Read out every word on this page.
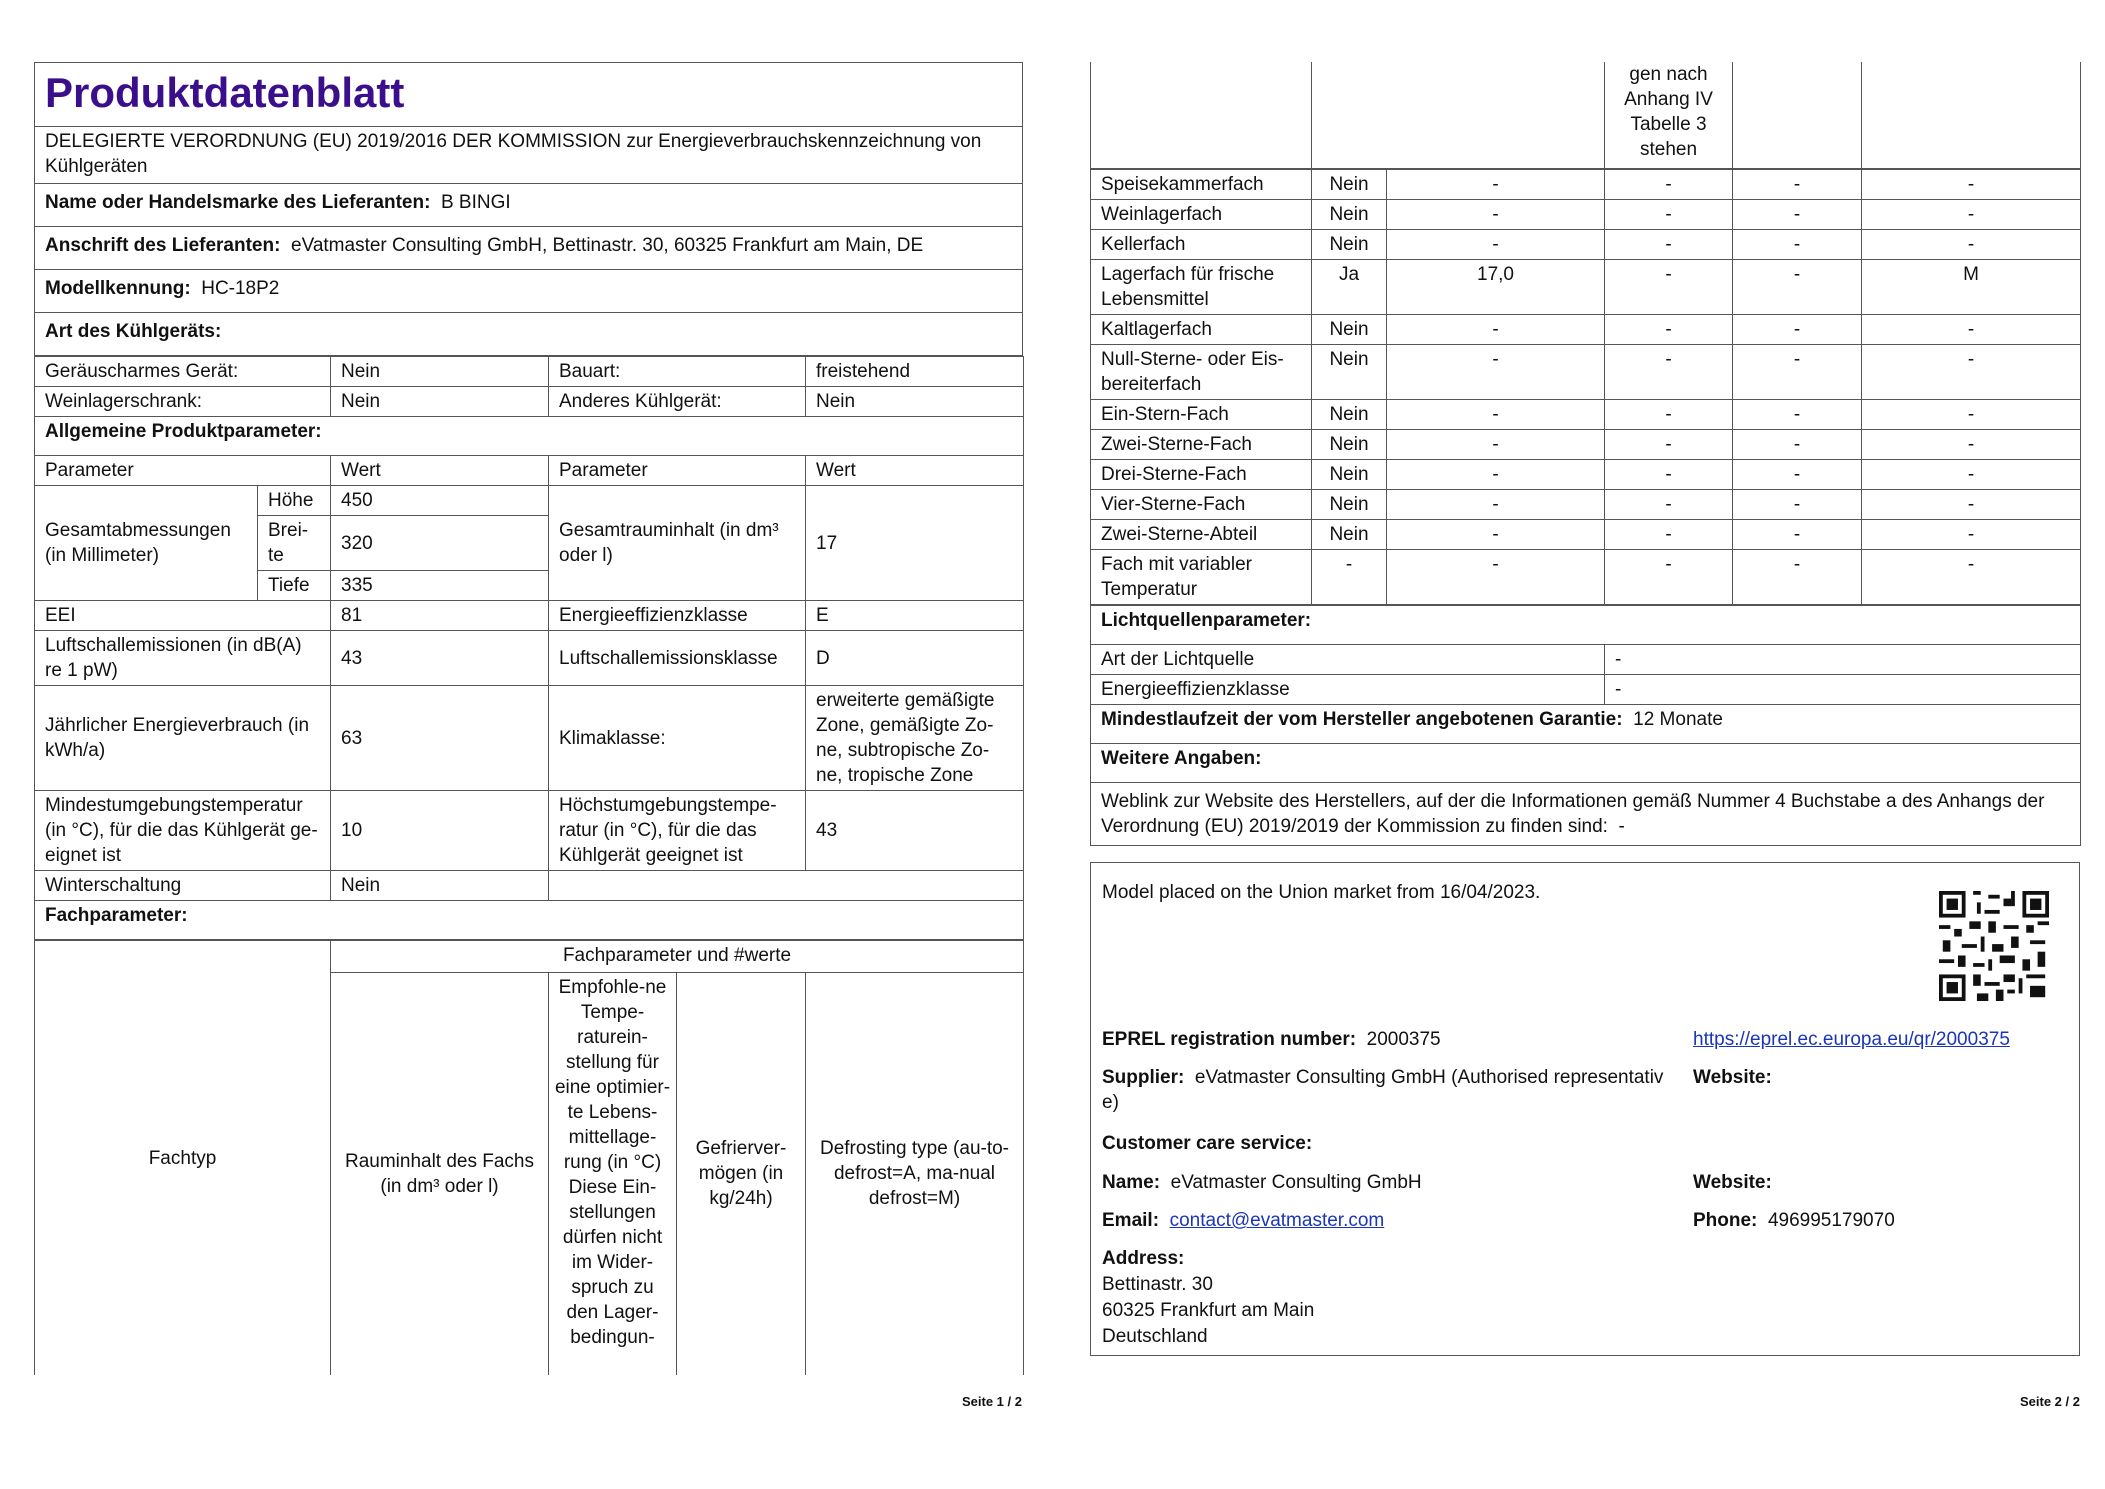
Produktdatenblatt
DELEGIERTE VERORDNUNG (EU) 2019/2016 DER KOMMISSION zur Energieverbrauchskennzeichnung von Kühlgeräten
Name oder Handelsmarke des Lieferanten: B BINGI
Anschrift des Lieferanten: eVatmaster Consulting GmbH, Bettinastr. 30, 60325 Frankfurt am Main, DE
Modellkennung: HC-18P2
Art des Kühlgeräts:
Geräuscharmes Gerät:		Nein	Bauart:	freistehend
Weinlagerschrank:		Nein	Anderes Kühlgerät:	Nein
Allgemeine Produktparameter:				
Parameter		Wert	Parameter	Wert
Gesamtabmessungen (in Millimeter)	Höhe	450	Gesamtrauminhalt (in dm³ oder l)	17
	Brei-te	320		
	Tiefe	335		
EEI		81	Energieeffizienzklasse	E
Luftschallemissionen (in dB(A) re 1 pW)		43	Luftschallemissionsklasse	D
Jährlicher Energieverbrauch (in kWh/a)		63	Klimaklasse:	erweiterte gemäßigte Zone, gemäßigte Zo-ne, subtropische Zo-ne, tropische Zone
Mindestumgebungstemperatur (in °C), für die das Kühlgerät ge-eignet ist		10	Höchstumgebungstempe-ratur (in °C), für die das Kühlgerät geeignet ist	43
Winterschaltung		Nein		
Fachparameter:				
Fachtyp	Fachparameter und #werte			
	Rauminhalt des Fachs (in dm³ oder l)	Empfohle-ne Tempe-raturein-stellung für eine optimier-te Lebens-mittellage-rung (in °C) Diese Ein-stellungen dürfen nicht im Wider-spruch zu den Lager-bedingun-	Gefrierver-mögen (in kg/24h)	Defrosting type (au-to-defrost=A, ma-nual defrost=M)
Seite 1 / 2
		gen nach Anhang IV Tabelle 3 stehen		
Speisekammerfach	Nein	-	-	-	-
Weinlagerfach	Nein	-	-	-	-
Kellerfach	Nein	-	-	-	-
Lagerfach für frische Lebensmittel	Ja	17,0	-	-	M
Kaltlagerfach	Nein	-	-	-	-
Null-Sterne- oder Eis-bereiterfach	Nein	-	-	-	-
Ein-Stern-Fach	Nein	-	-	-	-
Zwei-Sterne-Fach	Nein	-	-	-	-
Drei-Sterne-Fach	Nein	-	-	-	-
Vier-Sterne-Fach	Nein	-	-	-	-
Zwei-Sterne-Abteil	Nein	-	-	-	-
Fach mit variabler Temperatur	-	-	-	-	-
Lichtquellenparameter:	
Art der Lichtquelle	-
Energieeffizienzklasse	-
Mindestlaufzeit der vom Hersteller angebotenen Garantie: 12 Monate	
Weitere Angaben:	
Weblink zur Website des Herstellers, auf der die Informationen gemäß Nummer 4 Buchstabe a des Anhangs der Verordnung (EU) 2019/2019 der Kommission zu finden sind: -	
Model placed on the Union market from 16/04/2023.
EPREL registration number: 2000375	https://eprel.ec.europa.eu/qr/2000375
Supplier: eVatmaster Consulting GmbH (Authorised representativ e)
Website:
Customer care service:
Name: eVatmaster Consulting GmbH	Website:
Email: contact@evatmaster.com	Phone: 496995179070
Address:
Bettinastr. 30
60325 Frankfurt am Main
Deutschland
Seite 2 / 2
